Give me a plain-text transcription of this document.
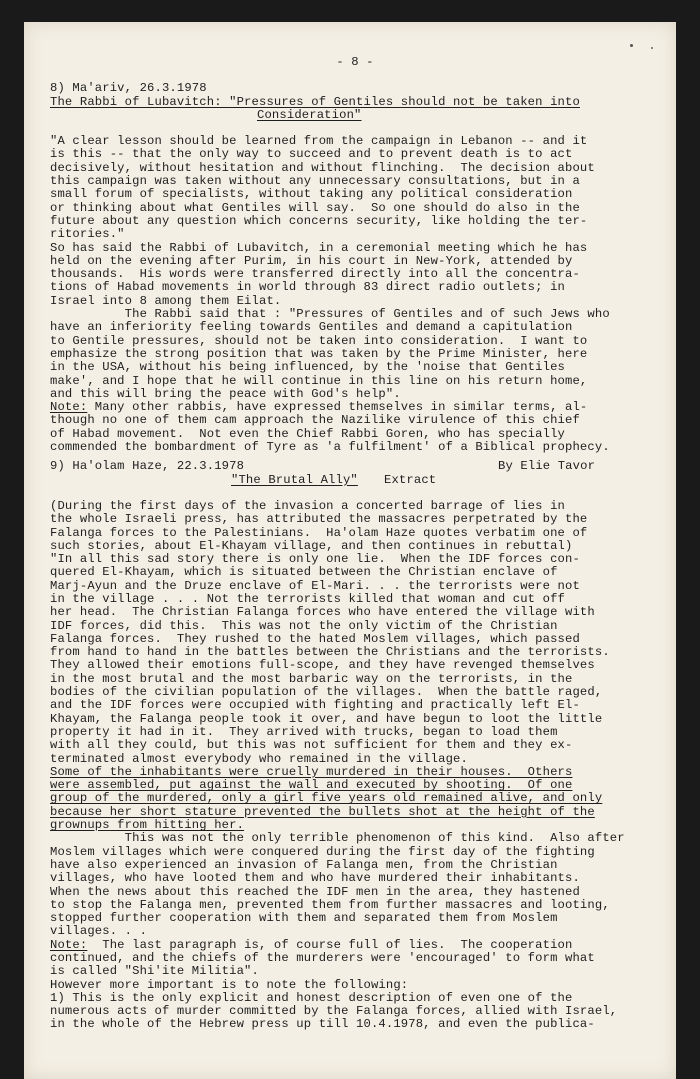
- 8 -
8) Ma'ariv, 26.3.1978
The Rabbi of Lubavitch: "Pressures of Gentiles should not be taken into
Consideration"
"A clear lesson should be learned from the campaign in Lebanon -- and it
is this -- that the only way to succeed and to prevent death is to act
decisively, without hesitation and without flinching.  The decision about
this campaign was taken without any unnecessary consultations, but in a
small forum of specialists, without taking any political consideration
or thinking about what Gentiles will say.  So one should do also in the
future about any question which concerns security, like holding the ter-
ritories."
So has said the Rabbi of Lubavitch, in a ceremonial meeting which he has
held on the evening after Purim, in his court in New-York, attended by
thousands.  His words were transferred directly into all the concentra-
tions of Habad movements in world through 83 direct radio outlets; in
Israel into 8 among them Eilat.
The Rabbi said that : "Pressures of Gentiles and of such Jews who
have an inferiority feeling towards Gentiles and demand a capitulation
to Gentile pressures, should not be taken into consideration.  I want to
emphasize the strong position that was taken by the Prime Minister, here
in the USA, without his being influenced, by the 'noise that Gentiles
make', and I hope that he will continue in this line on his return home,
and this will bring the peace with God's help".
Note: Many other rabbis, have expressed themselves in similar terms, al-
though no one of them cam approach the Nazilike virulence of this chief
of Habad movement.  Not even the Chief Rabbi Goren, who has specially
commended the bombardment of Tyre as 'a fulfilment' of a Biblical prophecy.
9) Ha'olam Haze, 22.3.1978	By Elie Tavor
"The Brutal Ally" Extract
(During the first days of the invasion a concerted barrage of lies in
the whole Israeli press, has attributed the massacres perpetrated by the
Falanga forces to the Palestinians.  Ha'olam Haze quotes verbatim one of
such stories, about El-Khayam village, and then continues in rebuttal)
"In all this sad story there is only one lie.  When the IDF forces con-
quered El-Khayam, which is situated between the Christian enclave of
Marj-Ayun and the Druze enclave of El-Mari. . . the terrorists were not
in the village . . . Not the terrorists killed that woman and cut off
her head.  The Christian Falanga forces who have entered the village with
IDF forces, did this.  This was not the only victim of the Christian
Falanga forces.  They rushed to the hated Moslem villages, which passed
from hand to hand in the battles between the Christians and the terrorists.
They allowed their emotions full-scope, and they have revenged themselves
in the most brutal and the most barbaric way on the terrorists, in the
bodies of the civilian population of the villages.  When the battle raged,
and the IDF forces were occupied with fighting and practically left El-
Khayam, the Falanga people took it over, and have begun to loot the little
property it had in it.  They arrived with trucks, began to load them
with all they could, but this was not sufficient for them and they ex-
terminated almost everybody who remained in the village.
Some of the inhabitants were cruelly murdered in their houses.  Others
were assembled, put against the wall and executed by shooting.  Of one
group of the murdered, only a girl five years old remained alive, and only
because her short stature prevented the bullets shot at the height of the
grownups from hitting her.
This was not the only terrible phenomenon of this kind.  Also after
Moslem villages which were conquered during the first day of the fighting
have also experienced an invasion of Falanga men, from the Christian
villages, who have looted them and who have murdered their inhabitants.
When the news about this reached the IDF men in the area, they hastened
to stop the Falanga men, prevented them from further massacres and looting,
stopped further cooperation with them and separated them from Moslem
villages. . .
Note:  The last paragraph is, of course full of lies.  The cooperation
continued, and the chiefs of the murderers were 'encouraged' to form what
is called "Shi'ite Militia".
However more important is to note the following:
1) This is the only explicit and honest description of even one of the
numerous acts of murder committed by the Falanga forces, allied with Israel,
in the whole of the Hebrew press up till 10.4.1978, and even the publica-
